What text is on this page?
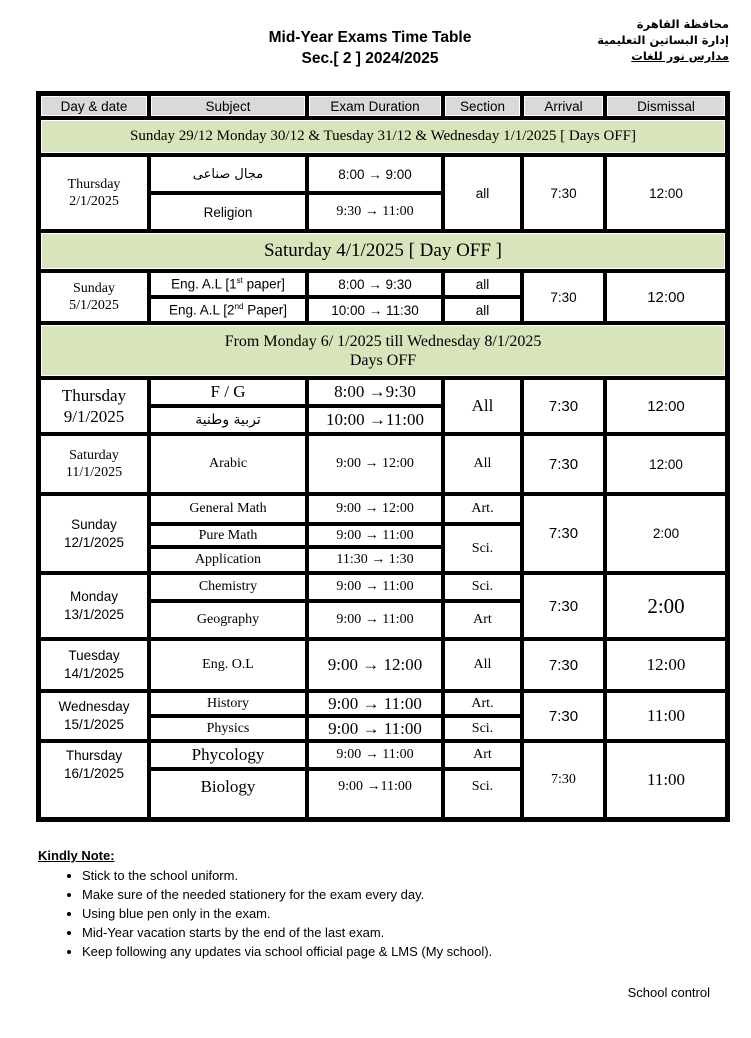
Mid-Year Exams Time Table
Sec.[ 2 ] 2024/2025
محافظة القاهرة
إدارة البساتين التعليمية
مدارس نور للغات
Day & date	Subject	Exam Duration	Section	Arrival	Dismissal
Sunday 29/12 Monday 30/12 & Tuesday 31/12 & Wednesday 1/1/2025 [ Days OFF]					
Thursday
2/1/2025	مجال صناعى	8:00 → 9:00	all	7:30	12:00
	Religion	9:30 → 11:00			
Saturday 4/1/2025 [ Day OFF ]					
Sunday
5/1/2025	Eng. A.L [1st paper]	8:00 → 9:30	all	7:30	12:00
	Eng. A.L [2nd Paper]	10:00 → 11:30	all		
From Monday 6/ 1/2025 till Wednesday 8/1/2025
Days OFF					
Thursday
9/1/2025	F / G	8:00 →9:30	All	7:30	12:00
	تربية وطنية	10:00 →11:00			
Saturday
11/1/2025	Arabic	9:00 → 12:00	All	7:30	12:00
Sunday
12/1/2025	General Math	9:00 → 12:00	Art.	7:30	2:00
	Pure Math	9:00 → 11:00	Sci.		
	Application	11:30 → 1:30			
Monday
13/1/2025	Chemistry	9:00 → 11:00	Sci.	7:30	2:00
	Geography	9:00 → 11:00	Art		
Tuesday
14/1/2025	Eng. O.L	9:00 → 12:00	All	7:30	12:00
Wednesday
15/1/2025	History	9:00 → 11:00	Art.	7:30	11:00
	Physics	9:00 → 11:00	Sci.		
Thursday
16/1/2025	Phycology	9:00 → 11:00	Art	7:30	11:00
	Biology	9:00 →11:00	Sci.		
Kindly Note:
• Stick to the school uniform.
• Make sure of the needed stationery for the exam every day.
• Using blue pen only in the exam.
• Mid-Year vacation starts by the end of the last exam.
• Keep following any updates via school official page & LMS (My school).
School control
